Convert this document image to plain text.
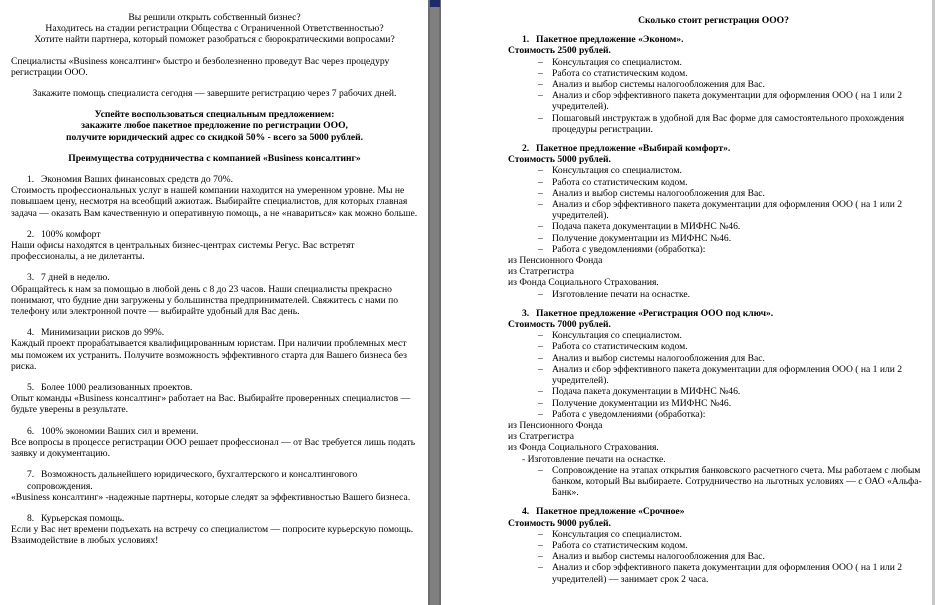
Вы решили открыть собственный бизнес?

Находитесь на стадии регистрации Общества с Ограниченной Ответственностью?

Хотите найти партнера, который поможет разобраться с бюрократическими вопросами?

Специалисты «Business консалтинг» быстро и безболезненно проведут Вас через процедуру регистрации ООО.

Закажите помощь специалиста сегодня — завершите регистрацию через 7 рабочих дней.

Успейте воспользоваться специальным предложением:

закажите любое пакетное предложение по регистрации ООО,

получите юридический адрес со скидкой 50% - всего за 5000 рублей.

Преимущества сотрудничества с компанией «Business консалтинг»

1. Экономия Ваших финансовых средств до 70%.

Стоимость профессиональных услуг в нашей компании находится на умеренном уровне. Мы не повышаем цену, несмотря на всеобщий ажиотаж. Выбирайте специалистов, для которых главная задача — оказать Вам качественную и оперативную помощь, а не «навариться» как можно больше.

2. 100% комфорт

Наши офисы находятся в центральных бизнес-центрах системы Регус. Вас встретят профессионалы, а не дилетанты.

3. 7 дней в неделю.

Обращайтесь к нам за помощью в любой день с 8 до 23 часов. Наши специалисты прекрасно понимают, что будние дни загружены у большинства предпринимателей. Свяжитесь с нами по телефону или электронной почте — выбирайте удобный для Вас день.

4. Минимизации рисков до 99%.

Каждый проект прорабатывается квалифицированным юристам. При наличии проблемных мест мы поможем их устранить. Получите возможность эффективного старта для Вашего бизнеса без риска.

5. Более 1000 реализованных проектов.

Опыт команды «Business консалтинг» работает на Вас. Выбирайте проверенных специалистов — будьте уверены в результате.

6. 100% экономии Ваших сил и времени.

Все вопросы в процессе регистрации ООО решает профессионал — от Вас требуется лишь подать заявку и документацию.

7. Возможность дальнейшего юридического, бухгалтерского и консалтингового сопровождения.

«Business консалтинг» -надежные партнеры, которые следят за эффективностью Вашего бизнеса.

8. Курьерская помощь.

Если у Вас нет времени подъехать на встречу со специалистом — попросите курьерскую помощь. Взаимодействие в любых условиях!

Сколько стоит регистрация ООО?

1. Пакетное предложение «Эконом».

Стоимость 2500 рублей.

– Консультация со специалистом.
– Работа со статистическим кодом.
– Анализ и выбор системы налогообложения для Вас.
– Анализ и сбор эффективного пакета документации для оформления ООО ( на 1 или 2 учредителей).
– Пошаговый инструктаж в удобной для Вас форме для самостоятельного прохождения процедуры регистрации.

2. Пакетное предложение «Выбирай комфорт».

Стоимость 5000 рублей.

– Консультация со специалистом.
– Работа со статистическим кодом.
– Анализ и выбор системы налогообложения для Вас.
– Анализ и сбор эффективного пакета документации для оформления ООО ( на 1 или 2 учредителей).
– Подача пакета документации в МИФНС №46.
– Получение документации из МИФНС №46.
– Работа с уведомлениями (обработка):

из Пенсионного Фонда

из Статрегистра

из Фонда Социального Страхования.

– Изготовление печати на оснастке.

3. Пакетное предложение «Регистрация ООО под ключ».

Стоимость 7000 рублей.

– Консультация со специалистом.
– Работа со статистическим кодом.
– Анализ и выбор системы налогообложения для Вас.
– Анализ и сбор эффективного пакета документации для оформления ООО ( на 1 или 2 учредителей).
– Подача пакета документации в МИФНС №46.
– Получение документации из МИФНС №46.
– Работа с уведомлениями (обработка):

из Пенсионного Фонда

из Статрегистра

из Фонда Социального Страхования.

- Изготовление печати на оснастке.

– Сопровождение на этапах открытия банковского расчетного счета. Мы работаем с любым банком, который Вы выбираете. Сотрудничество на льготных условиях — с ОАО «Альфа-Банк».

4. Пакетное предложение «Срочное»

Стоимость 9000 рублей.

– Консультация со специалистом.
– Работа со статистическим кодом.
– Анализ и выбор системы налогообложения для Вас.
– Анализ и сбор эффективного пакета документации для оформления ООО ( на 1 или 2 учредителей) — занимает срок 2 часа.
